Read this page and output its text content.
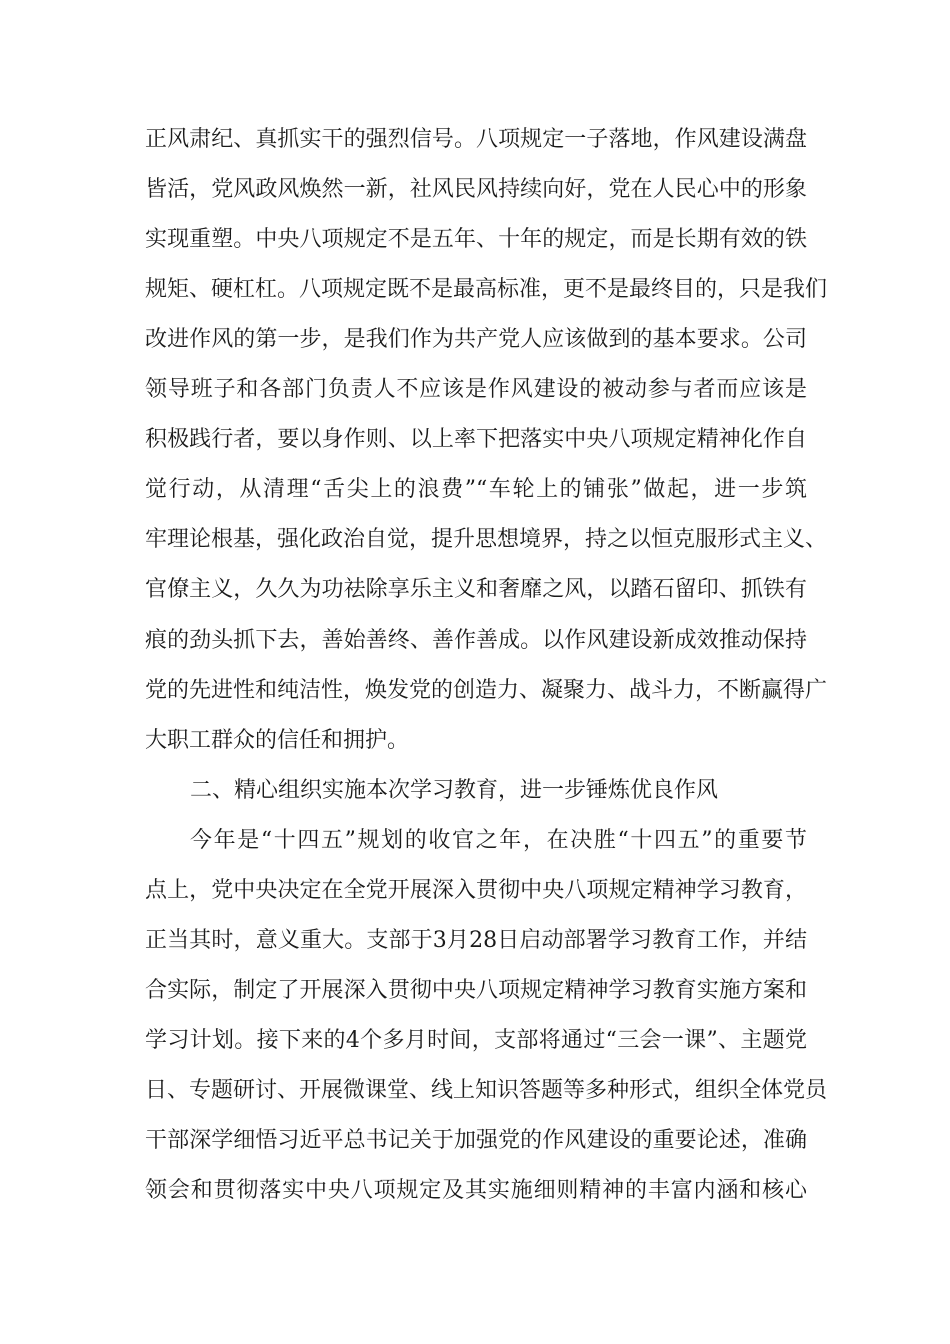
正风肃纪、真抓实干的强烈信号。八项规定一子落地，作风建设满盘
皆活，党风政风焕然一新，社风民风持续向好，党在人民心中的形象
实现重塑。中央八项规定不是五年、十年的规定，而是长期有效的铁
规矩、硬杠杠。八项规定既不是最高标准，更不是最终目的，只是我们
改进作风的第一步，是我们作为共产党人应该做到的基本要求。公司
领导班子和各部门负责人不应该是作风建设的被动参与者而应该是
积极践行者，要以身作则、以上率下把落实中央八项规定精神化作自
觉行动，从清理“舌尖上的浪费”“车轮上的铺张”做起，进一步筑
牢理论根基，强化政治自觉，提升思想境界，持之以恒克服形式主义、
官僚主义，久久为功祛除享乐主义和奢靡之风，以踏石留印、抓铁有
痕的劲头抓下去，善始善终、善作善成。以作风建设新成效推动保持
党的先进性和纯洁性，焕发党的创造力、凝聚力、战斗力，不断赢得广
大职工群众的信任和拥护。
二、精心组织实施本次学习教育，进一步锤炼优良作风
今年是“十四五”规划的收官之年，在决胜“十四五”的重要节
点上，党中央决定在全党开展深入贯彻中央八项规定精神学习教育，
正当其时，意义重大。支部于3月28日启动部署学习教育工作，并结
合实际，制定了开展深入贯彻中央八项规定精神学习教育实施方案和
学习计划。接下来的4个多月时间，支部将通过“三会一课”、主题党
日、专题研讨、开展微课堂、线上知识答题等多种形式，组织全体党员
干部深学细悟习近平总书记关于加强党的作风建设的重要论述，准确
领会和贯彻落实中央八项规定及其实施细则精神的丰富内涵和核心
